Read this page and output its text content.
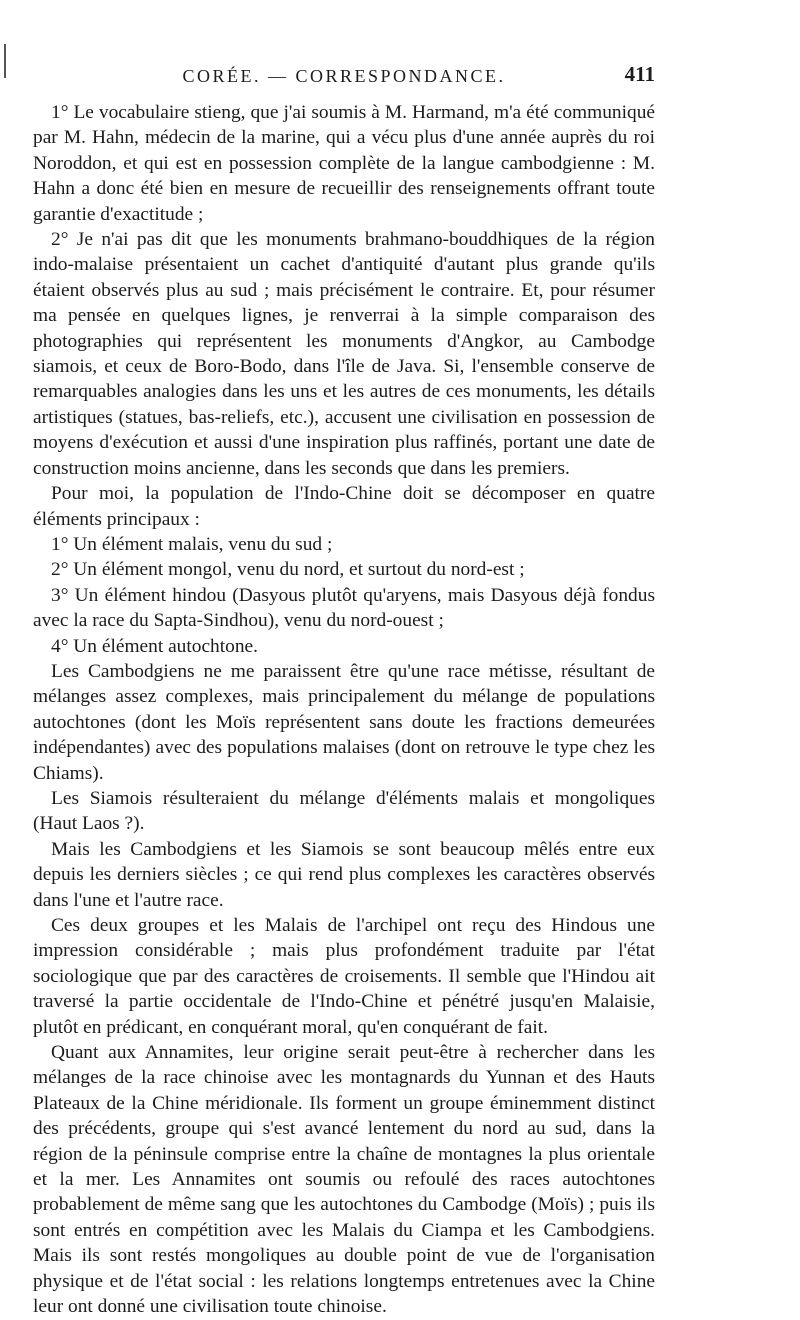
CORÉE. — CORRESPONDANCE.	411

1° Le vocabulaire stieng, que j'ai soumis à M. Harmand, m'a été communiqué par M. Hahn, médecin de la marine, qui a vécu plus d'une année auprès du roi Noroddon, et qui est en possession complète de la langue cambodgienne : M. Hahn a donc été bien en mesure de recueillir des renseignements offrant toute garantie d'exactitude ;

2° Je n'ai pas dit que les monuments brahmano-bouddhiques de la région indo-malaise présentaient un cachet d'antiquité d'autant plus grande qu'ils étaient observés plus au sud ; mais précisément le contraire. Et, pour résumer ma pensée en quelques lignes, je renverrai à la simple comparaison des photographies qui représentent les monuments d'Angkor, au Cambodge siamois, et ceux de Boro-Bodo, dans l'île de Java. Si, l'ensemble conserve de remarquables analogies dans les uns et les autres de ces monuments, les détails artistiques (statues, bas-reliefs, etc.), accusent une civilisation en possession de moyens d'exécution et aussi d'une inspiration plus raffinés, portant une date de construction moins ancienne, dans les seconds que dans les premiers.

Pour moi, la population de l'Indo-Chine doit se décomposer en quatre éléments principaux :

1° Un élément malais, venu du sud ;

2° Un élément mongol, venu du nord, et surtout du nord-est ;

3° Un élément hindou (Dasyous plutôt qu'aryens, mais Dasyous déjà fondus avec la race du Sapta-Sindhou), venu du nord-ouest ;

4° Un élément autochtone.

Les Cambodgiens ne me paraissent être qu'une race métisse, résultant de mélanges assez complexes, mais principalement du mélange de populations autochtones (dont les Moïs représentent sans doute les fractions demeurées indépendantes) avec des populations malaises (dont on retrouve le type chez les Chiams).

Les Siamois résulteraient du mélange d'éléments malais et mongoliques (Haut Laos ?).

Mais les Cambodgiens et les Siamois se sont beaucoup mêlés entre eux depuis les derniers siècles ; ce qui rend plus complexes les caractères observés dans l'une et l'autre race.

Ces deux groupes et les Malais de l'archipel ont reçu des Hindous une impression considérable ; mais plus profondément traduite par l'état sociologique que par des caractères de croisements. Il semble que l'Hindou ait traversé la partie occidentale de l'Indo-Chine et pénétré jusqu'en Malaisie, plutôt en prédicant, en conquérant moral, qu'en conquérant de fait.

Quant aux Annamites, leur origine serait peut-être à rechercher dans les mélanges de la race chinoise avec les montagnards du Yunnan et des Hauts Plateaux de la Chine méridionale. Ils forment un groupe éminemment distinct des précédents, groupe qui s'est avancé lentement du nord au sud, dans la région de la péninsule comprise entre la chaîne de montagnes la plus orientale et la mer. Les Annamites ont soumis ou refoulé des races autochtones probablement de même sang que les autochtones du Cambodge (Moïs) ; puis ils sont entrés en compétition avec les Malais du Ciampa et les Cambodgiens. Mais ils sont restés mongoliques au double point de vue de l'organisation physique et de l'état social : les relations longtemps entretenues avec la Chine leur ont donné une civilisation toute chinoise.
